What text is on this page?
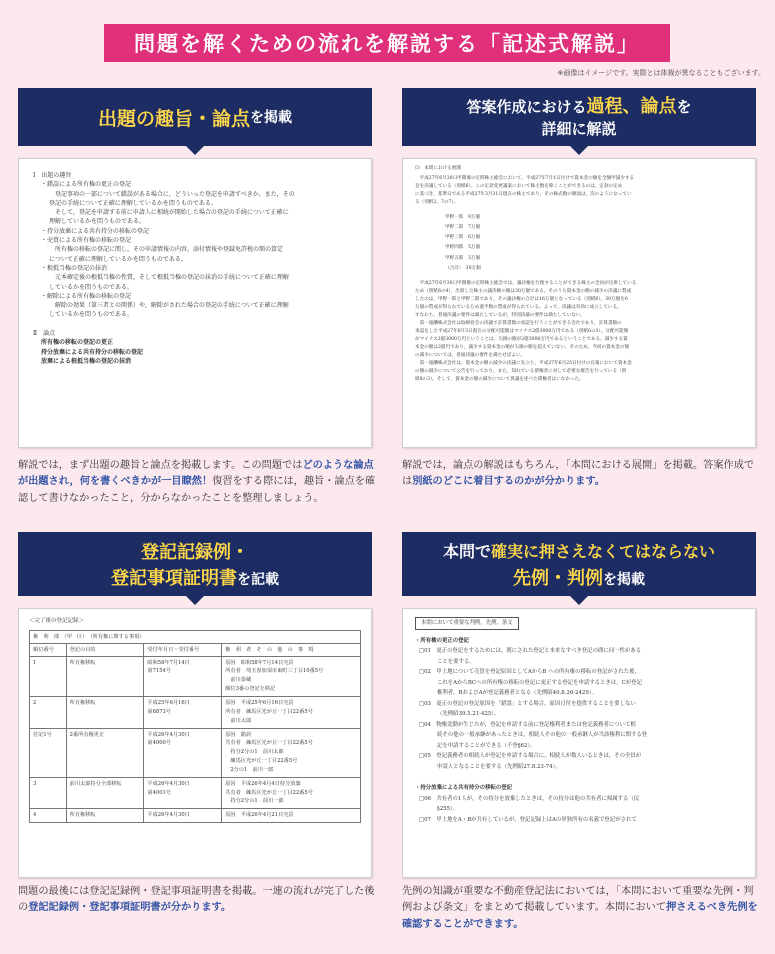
問題を解くための流れを解説する「記述式解説」
※画像はイメージです。実際とは体裁が異なることもございます。
出題の趣旨・論点 を掲載
Ⅰ　出題の趣旨
・錯誤による所有権の更正の登記
　登記事項の一部について錯誤がある場合に，どういった登記を申請すべきか，また，その
登記の手続について正確に理解しているかを問うものである。
　そして，登記を申請する前に申請人に相続が開始した場合の登記の手続について正確に
理解しているかを問うものである。
・持分放棄による共有持分の移転の登記
・売買による所有権の移転の登記
　所有権の移転の登記に関し，その申請情報の内容，添付情報や登録免許税の額の算定
について正確に理解しているかを問うものである。
・根抵当権の登記の抹消
　元本確定後の根抵当権の性質，そして根抵当権の登記の抹消の手続について正確に理解
しているかを問うものである。
・解除による所有権の移転の登記
　解除の効果（第三者との関係）や，解除がされた場合の登記の手続について正確に理解
しているかを問うものである。

Ⅱ　論点
所有権の移転の登記の更正
持分放棄による共有持分の移転の登記
放棄による根抵当権の登記の抹消
解説では，まず出題の趣旨と論点を掲載します。この問題ではどのような論点が出題され，何を書くべきかが一目瞭然！復習をする際には，趣旨・論点を確認して書けなかったこと，分からなかったことを整理しましょう。
答案作成における過程、論点を
詳細に解説
⑶　本問における展開
　平成27年6月30日甲開催の定時株主総会において，平成27年7月1日付けで資本金の額を全額甲減少する
旨を決議している（別紙6）。この定款変更議案において株主数を除くことができるのは，定款の定め
に基づき，基準日である平成27年3月31日現在の株主であり，その株式数の額面は，次のようになってい
る（別紙2，7の7）。
甲野一郎　9万個
甲野二郎　7万個
甲野三郎　6万個
甲野四郎　5万個
甲野五郎　3万個
（合計）　30万個
　平成27年6月30日甲開催の定時株主総会では，議決権を行使することができる株主の全員が出席している
ため（別紙6の4），出席した株主の議決権の額は30万個である。そのうち資本金の額の減少の決議に賛成
したのは，甲野一郎と甲野二郎であり，その議決権の合計は16万個となっている（別紙6）。30万個を6
万個の賛成が得られているため過半数の賛成が得られている。よって，決議は有効に成立している。
すなわち，普通決議の要件は満たしているが，特別決議の要件は満たしていない。
　第一報酬株式会社は取締役会の決議で計算書類の承認を行うことができる会社であり，計算書類の
承認をした平成27年6月3日現在の分配可能額はマイナス2億3000万円である（別紙6の3）。分配可能額
がマイナス2億3000万円ということは，欠損の額が2億3000万円であるということである。減少する資
本金の額は2億円であり，減少する資本金の額が欠損の額を超えていない。そのため，今回の資本金の額
の減少については，普通決議の要件を満たせばよい。
　第一報酬株式会社は，資本金の額の減少の決議に先立ち，平成27年6月25日付けの官報において資本金
の額の減少について公告を行っており，また，知れている債権者に対して必要な催告を行っている（別
紙8の3）。そして，資本金の額の減少について異議を述べた債権者はいなかった。
解説では，論点の解説はもちろん，「本問における展開」を掲載。答案作成では別紙のどこに着目するのかが分かります。
登記記録例・
登記事項証明書を記載
＜完了後の登記記録＞
権　利　部　（甲　区）　（所有権に関する事項）			
順位番号	登記の目的	受付年月日・受付番号	権　利　者　そ　の　他　の　事　項
1	所有権移転	昭和58年7月14日
第7154号	原因　昭和58年7月14日売買
所有者　埼玉県加須市東町三丁目10番5号
　前川泰蔵
順位3番の登記を移記
2	所有権移転	平成25年6月16日
第6873号	原因　平成25年6月16日売買
所有者　練馬区光が丘一丁目22番5号
　前川太郎
付記1号	2番所有権更正	平成26年4月30日
第4000号	原因　錯誤
共有者　練馬区光が丘一丁目22番5号
　持分2分の1　前川太郎
　練馬区光が丘一丁目22番5号
　2分の1　前川一郎
3	前川太郎持分全部移転	平成26年4月30日
第4001号	原因　平成26年4月4日持分放棄
共有者　練馬区光が丘一丁目22番5号
　持分2分の1　前川一郎
4	所有権移転	平成26年4月30日	原因　平成26年4月21日売買
問題の最後には登記記録例・登記事項証明書を掲載。一連の流れが完了した後の登記記録例・登記事項証明書が分かります。
本問で確実に押さえなくてはならない
先例・判例を掲載
本問において重要な判例，先例，条文
・所有権の更正の登記
□01　更正の登記をするためには，既にされた登記と本来なすべき登記の間に同一性がある
ことを要する。
□02　甲土地について売買を登記原因としてAからB への所有権の移転の登記がされた後，
これをAからBCへの所有権の移転の登記に更正する登記を申請するときは，Cが登記
権利者，BおよびAが登記義務者となる（先例昭40.8.26-2429）。
□03　更正の登記の登記原因を「錯誤」とする場合，原因日付を提供することを要しない
（先例昭39.5.21-425）。
□04　物権変動が生じたが，登記を申請する前に登記権利者または登記義務者について相
続その他の一般承継があったときは，相続人その他の一般承継人が当該権利に関する登
記を申請することができる（不登§62）。
□05　登記義務者の相続人が登記を申請する場合に，相続人が数人いるときは，その全員が
申請人となることを要する（先例昭27.8.23-74）。

・持分放棄による共有持分の移転の登記
□06　共有者の1人が，その持分を放棄したときは，その持分は他の共有者に帰属する（民
§255）。
□07　甲土地をA・Bが共有しているが，登記記録上はAの単独所有の名義で登記がされて
先例の知識が重要な不動産登記法においては，「本問において重要な先例・判例および条文」をまとめて掲載しています。本問において押さえるべき先例を確認することができます。
